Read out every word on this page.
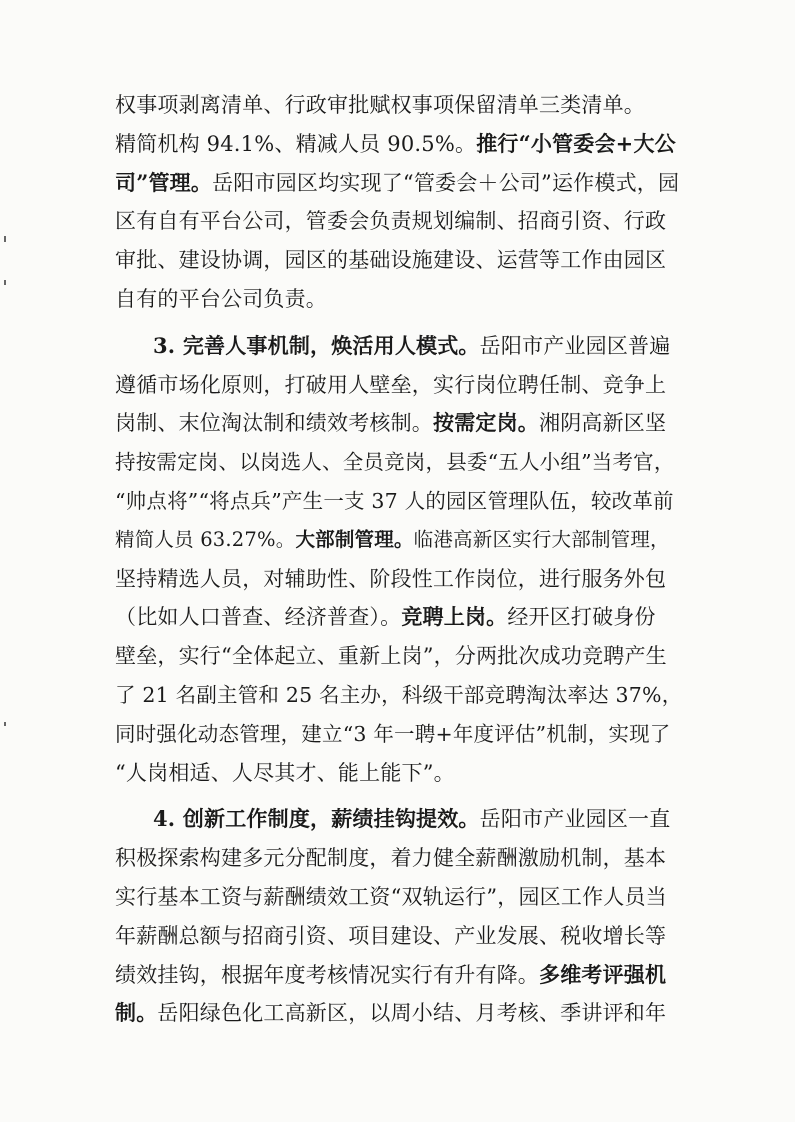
权事项剥离清单、行政审批赋权事项保留清单三类清单。
精简机构 94.1%、精减人员 90.5%。推行“小管委会+大公
司”管理。岳阳市园区均实现了“管委会＋公司”运作模式，园
区有自有平台公司，管委会负责规划编制、招商引资、行政
审批、建设协调，园区的基础设施建设、运营等工作由园区
自有的平台公司负责。
3. 完善人事机制，焕活用人模式。岳阳市产业园区普遍
遵循市场化原则，打破用人壁垒，实行岗位聘任制、竞争上
岗制、末位淘汰制和绩效考核制。按需定岗。湘阴高新区坚
持按需定岗、以岗选人、全员竞岗，县委“五人小组”当考官，
“帅点将”“将点兵”产生一支 37 人的园区管理队伍，较改革前
精简人员 63.27%。大部制管理。临港高新区实行大部制管理，
坚持精选人员，对辅助性、阶段性工作岗位，进行服务外包
（比如人口普查、经济普查）。竞聘上岗。经开区打破身份
壁垒，实行“全体起立、重新上岗”，分两批次成功竞聘产生
了 21 名副主管和 25 名主办，科级干部竞聘淘汰率达 37%，
同时强化动态管理，建立“3 年一聘+年度评估”机制，实现了
“人岗相适、人尽其才、能上能下”。
4. 创新工作制度，薪绩挂钩提效。岳阳市产业园区一直
积极探索构建多元分配制度，着力健全薪酬激励机制，基本
实行基本工资与薪酬绩效工资“双轨运行”，园区工作人员当
年薪酬总额与招商引资、项目建设、产业发展、税收增长等
绩效挂钩，根据年度考核情况实行有升有降。多维考评强机
制。岳阳绿色化工高新区，以周小结、月考核、季讲评和年
